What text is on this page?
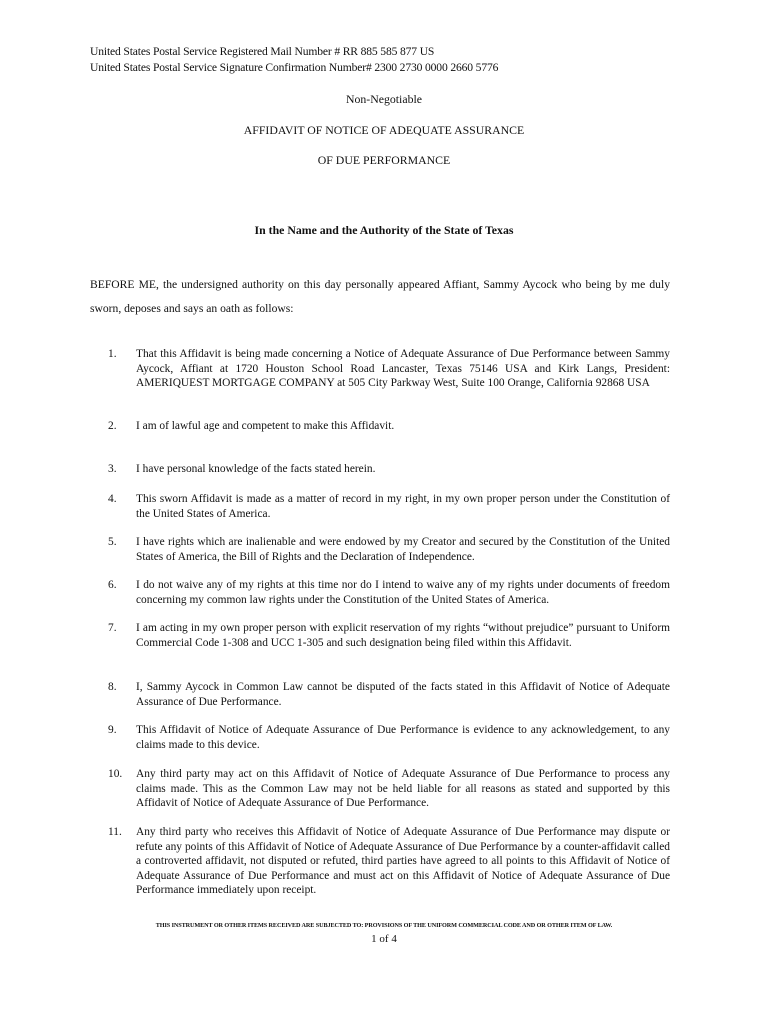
United States Postal Service Registered Mail Number # RR 885 585 877 US
United States Postal Service Signature Confirmation Number# 2300 2730 0000 2660 5776
Non-Negotiable
AFFIDAVIT OF NOTICE OF ADEQUATE ASSURANCE
OF DUE PERFORMANCE
In the Name and the Authority of the State of Texas
BEFORE ME, the undersigned authority on this day personally appeared Affiant, Sammy Aycock who being by me duly sworn, deposes and says an oath as follows:
1.	That this Affidavit is being made concerning a Notice of Adequate Assurance of Due Performance between Sammy Aycock, Affiant at 1720 Houston School Road Lancaster, Texas 75146 USA and Kirk Langs, President: AMERIQUEST MORTGAGE COMPANY at 505 City Parkway West, Suite 100 Orange, California 92868 USA
2.	I am of lawful age and competent to make this Affidavit.
3.	I have personal knowledge of the facts stated herein.
4.	This sworn Affidavit is made as a matter of record in my right, in my own proper person under the Constitution of the United States of America.
5.	I have rights which are inalienable and were endowed by my Creator and secured by the Constitution of the United States of America, the Bill of Rights and the Declaration of Independence.
6.	I do not waive any of my rights at this time nor do I intend to waive any of my rights under documents of freedom concerning my common law rights under the Constitution of the United States of America.
7.	I am acting in my own proper person with explicit reservation of my rights “without prejudice” pursuant to Uniform Commercial Code 1-308 and UCC 1-305 and such designation being filed within this Affidavit.
8.	I, Sammy Aycock in Common Law cannot be disputed of the facts stated in this Affidavit of Notice of Adequate Assurance of Due Performance.
9.	This Affidavit of Notice of Adequate Assurance of Due Performance is evidence to any acknowledgement, to any claims made to this device.
10.	Any third party may act on this Affidavit of Notice of Adequate Assurance of Due Performance to process any claims made. This as the Common Law may not be held liable for all reasons as stated and supported by this Affidavit of Notice of Adequate Assurance of Due Performance.
11.	Any third party who receives this Affidavit of Notice of Adequate Assurance of Due Performance may dispute or refute any points of this Affidavit of Notice of Adequate Assurance of Due Performance by a counter-affidavit called a controverted affidavit, not disputed or refuted, third parties have agreed to all points to this Affidavit of Notice of Adequate Assurance of Due Performance and must act on this Affidavit of Notice of Adequate Assurance of Due Performance immediately upon receipt.
THIS INSTRUMENT OR OTHER ITEMS RECEIVED ARE SUBJECTED TO: PROVISIONS OF THE UNIFORM COMMERCIAL CODE AND OR OTHER ITEM OF LAW.
1 of 4
